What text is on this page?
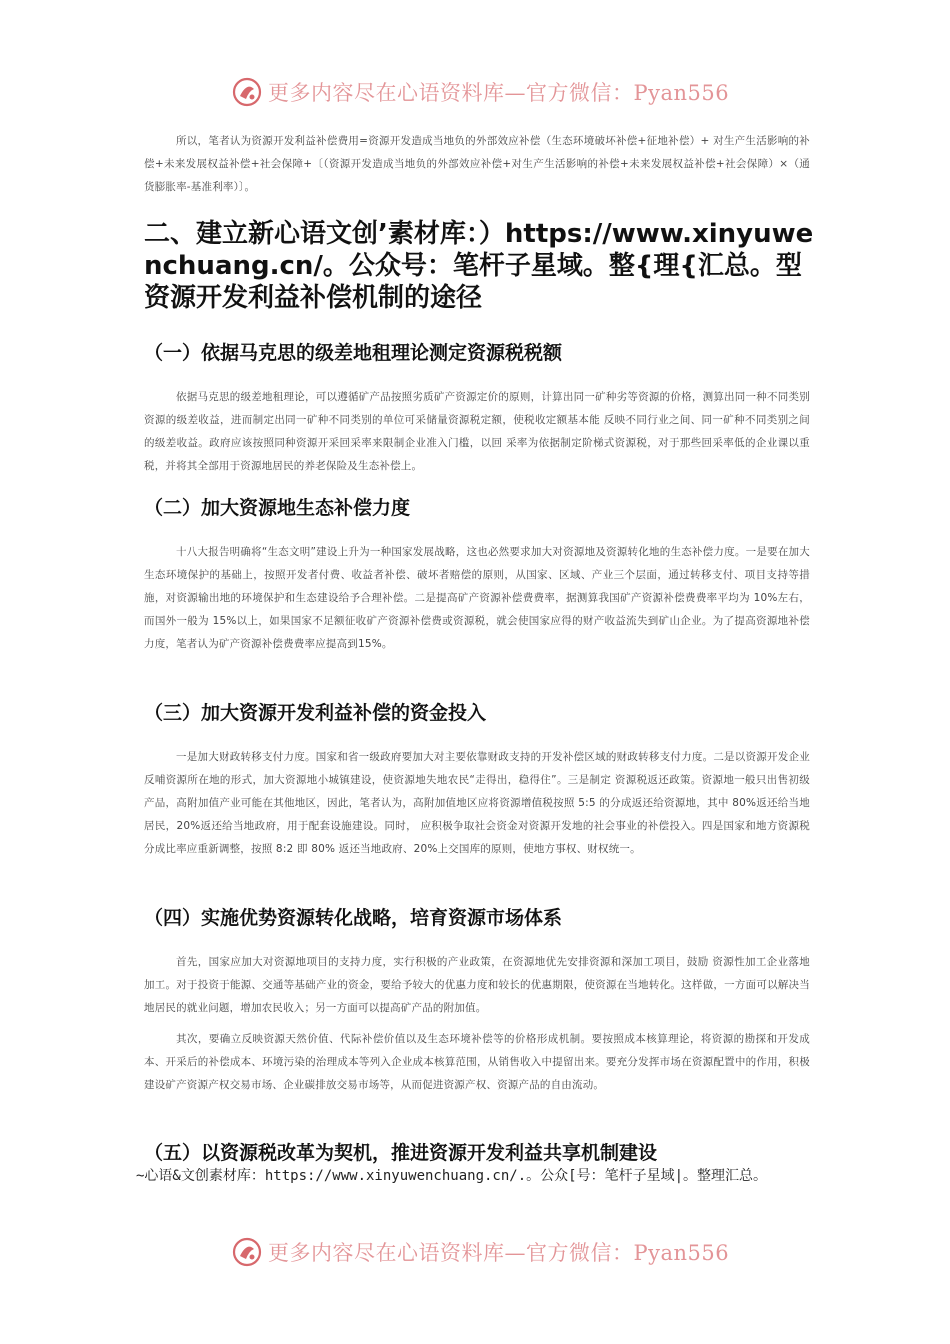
更多内容尽在心语资料库—官方微信：Pyan556

所以，笔者认为资源开发利益补偿费用=资源开发造成当地负的外部效应补偿（生态环境破坏补偿+征地补偿）+ 对生产生活影响的补偿+未来发展权益补偿+社会保障+〔（资源开发造成当地负的外部效应补偿+对生产生活影响的补偿+未来发展权益补偿+社会保障）×（通货膨胀率-基准利率）〕。

二、建立新心语文创’素材库：）https://www.xinyuwenchuang.cn/。公众号：笔杆子星域。整{理{汇总。型资源开发利益补偿机制的途径
（一）依据马克思的级差地租理论测定资源税税额

依据马克思的级差地租理论，可以遵循矿产品按照劣质矿产资源定价的原则，计算出同一矿种劣等资源的价格，测算出同一种不同类别资源的级差收益，进而制定出同一矿种不同类别的单位可采储量资源税定额，使税收定额基本能 反映不同行业之间、同一矿种不同类别之间的级差收益。政府应该按照同种资源开采回采率来限制企业准入门槛，以回 采率为依据制定阶梯式资源税，对于那些回采率低的企业课以重税，并将其全部用于资源地居民的养老保险及生态补偿上。

（二）加大资源地生态补偿力度

十八大报告明确将“生态文明”建设上升为一种国家发展战略，这也必然要求加大对资源地及资源转化地的生态补偿力度。一是要在加大生态环境保护的基础上，按照开发者付费、收益者补偿、破坏者赔偿的原则，从国家、区域、产业三个层面，通过转移支付、项目支持等措施，对资源输出地的环境保护和生态建设给予合理补偿。二是提高矿产资源补偿费费率，据测算我国矿产资源补偿费费率平均为 10%左右，而国外一般为 15%以上，如果国家不足额征收矿产资源补偿费或资源税，就会使国家应得的财产收益流失到矿山企业。为了提高资源地补偿力度，笔者认为矿产资源补偿费费率应提高到15%。

（三）加大资源开发利益补偿的资金投入

一是加大财政转移支付力度。国家和省一级政府要加大对主要依靠财政支持的开发补偿区域的财政转移支付力度。二是以资源开发企业反哺资源所在地的形式，加大资源地小城镇建设，使资源地失地农民“走得出，稳得住”。三是制定 资源税返还政策。资源地一般只出售初级产品，高附加值产业可能在其他地区，因此，笔者认为，高附加值地区应将资源增值税按照 5:5 的分成返还给资源地，其中 80%返还给当地居民，20%返还给当地政府，用于配套设施建设。同时， 应积极争取社会资金对资源开发地的社会事业的补偿投入。四是国家和地方资源税分成比率应重新调整，按照 8:2 即 80% 返还当地政府、20%上交国库的原则，使地方事权、财权统一。

（四）实施优势资源转化战略，培育资源市场体系

首先，国家应加大对资源地项目的支持力度，实行积极的产业政策，在资源地优先安排资源和深加工项目，鼓励 资源性加工企业落地加工。对于投资于能源、交通等基础产业的资金，要给予较大的优惠力度和较长的优惠期限，使资源在当地转化。这样做，一方面可以解决当地居民的就业问题，增加农民收入；另一方面可以提高矿产品的附加值。

其次，要确立反映资源天然价值、代际补偿价值以及生态环境补偿等的价格形成机制。要按照成本核算理论，将资源的勘探和开发成本、开采后的补偿成本、环境污染的治理成本等列入企业成本核算范围，从销售收入中提留出来。要充分发挥市场在资源配置中的作用，积极建设矿产资源产权交易市场、企业碳排放交易市场等，从而促进资源产权、资源产品的自由流动。

（五）以资源税改革为契机，推进资源开发利益共享机制建设

~心语&文创素材库：https://www.xinyuwenchuang.cn/.。公众[号：笔杆子星域|。整理汇总。

更多内容尽在心语资料库—官方微信：Pyan556
